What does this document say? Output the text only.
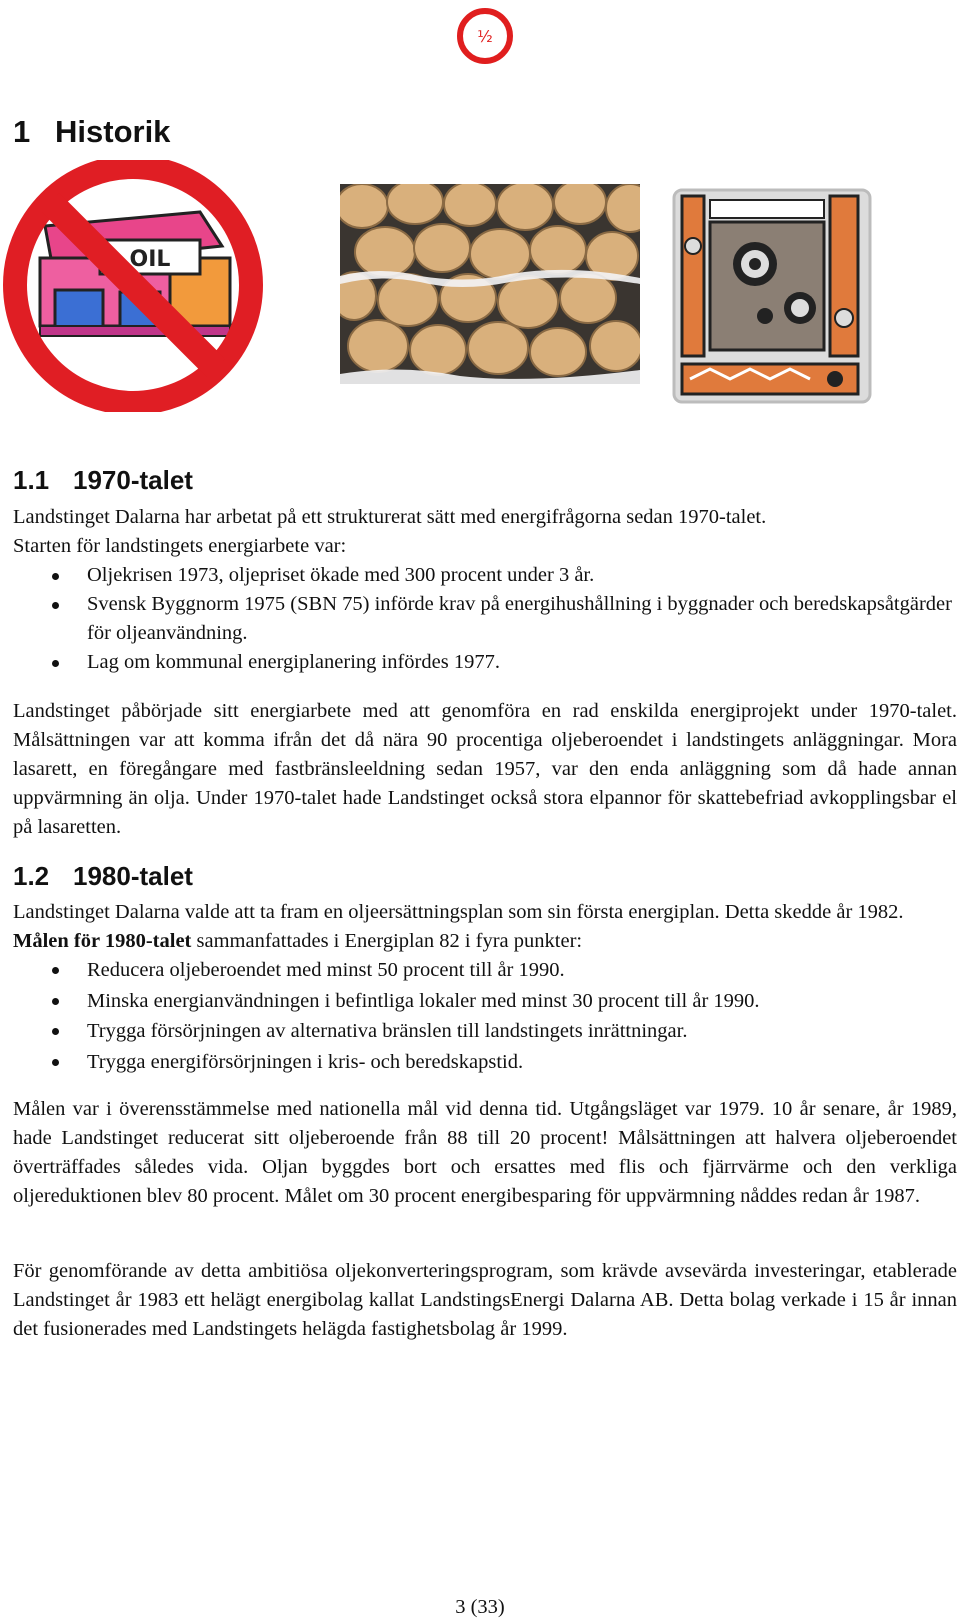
½
1 Historik
OIL
1.1 1970-talet
Landstinget Dalarna har arbetat på ett strukturerat sätt med energifrågorna sedan 1970-talet.
Starten för landstingets energiarbete var:
Oljekrisen 1973, oljepriset ökade med 300 procent under 3 år.
Svensk Byggnorm 1975 (SBN 75) införde krav på energihushållning i byggnader och beredskapsåtgärder för oljeanvändning.
Lag om kommunal energiplanering infördes 1977.

Landstinget påbörjade sitt energiarbete med att genomföra en rad enskilda energiprojekt under 1970-talet. Målsättningen var att komma ifrån det då nära 90 procentiga oljeberoendet i landstingets anläggningar. Mora lasarett, en föregångare med fastbränsleeldning sedan 1957, var den enda anläggning som då hade annan uppvärmning än olja. Under 1970-talet hade Landstinget också stora elpannor för skattebefriad avkopplingsbar el på lasaretten.

1.2 1980-talet

Landstinget Dalarna valde att ta fram en oljeersättningsplan som sin första energiplan. Detta skedde år 1982. Målen för 1980-talet sammanfattades i Energiplan 82 i fyra punkter:

Reducera oljeberoendet med minst 50 procent till år 1990.
Minska energianvändningen i befintliga lokaler med minst 30 procent till år 1990.
Trygga försörjningen av alternativa bränslen till landstingets inrättningar.
Trygga energiförsörjningen i kris- och beredskapstid.

Målen var i överensstämmelse med nationella mål vid denna tid. Utgångsläget var 1979. 10 år senare, år 1989, hade Landstinget reducerat sitt oljeberoende från 88 till 20 procent! Målsättningen att halvera oljeberoendet överträffades således vida. Oljan byggdes bort och ersattes med flis och fjärrvärme och den verkliga oljereduktionen blev 80 procent. Målet om 30 procent energibesparing för uppvärmning nåddes redan år 1987.

För genomförande av detta ambitiösa oljekonverteringsprogram, som krävde avsevärda investeringar, etablerade Landstinget år 1983 ett helägt energibolag kallat LandstingsEnergi Dalarna AB. Detta bolag verkade i 15 år innan det fusionerades med Landstingets helägda fastighetsbolag år 1999.

3 (33)
